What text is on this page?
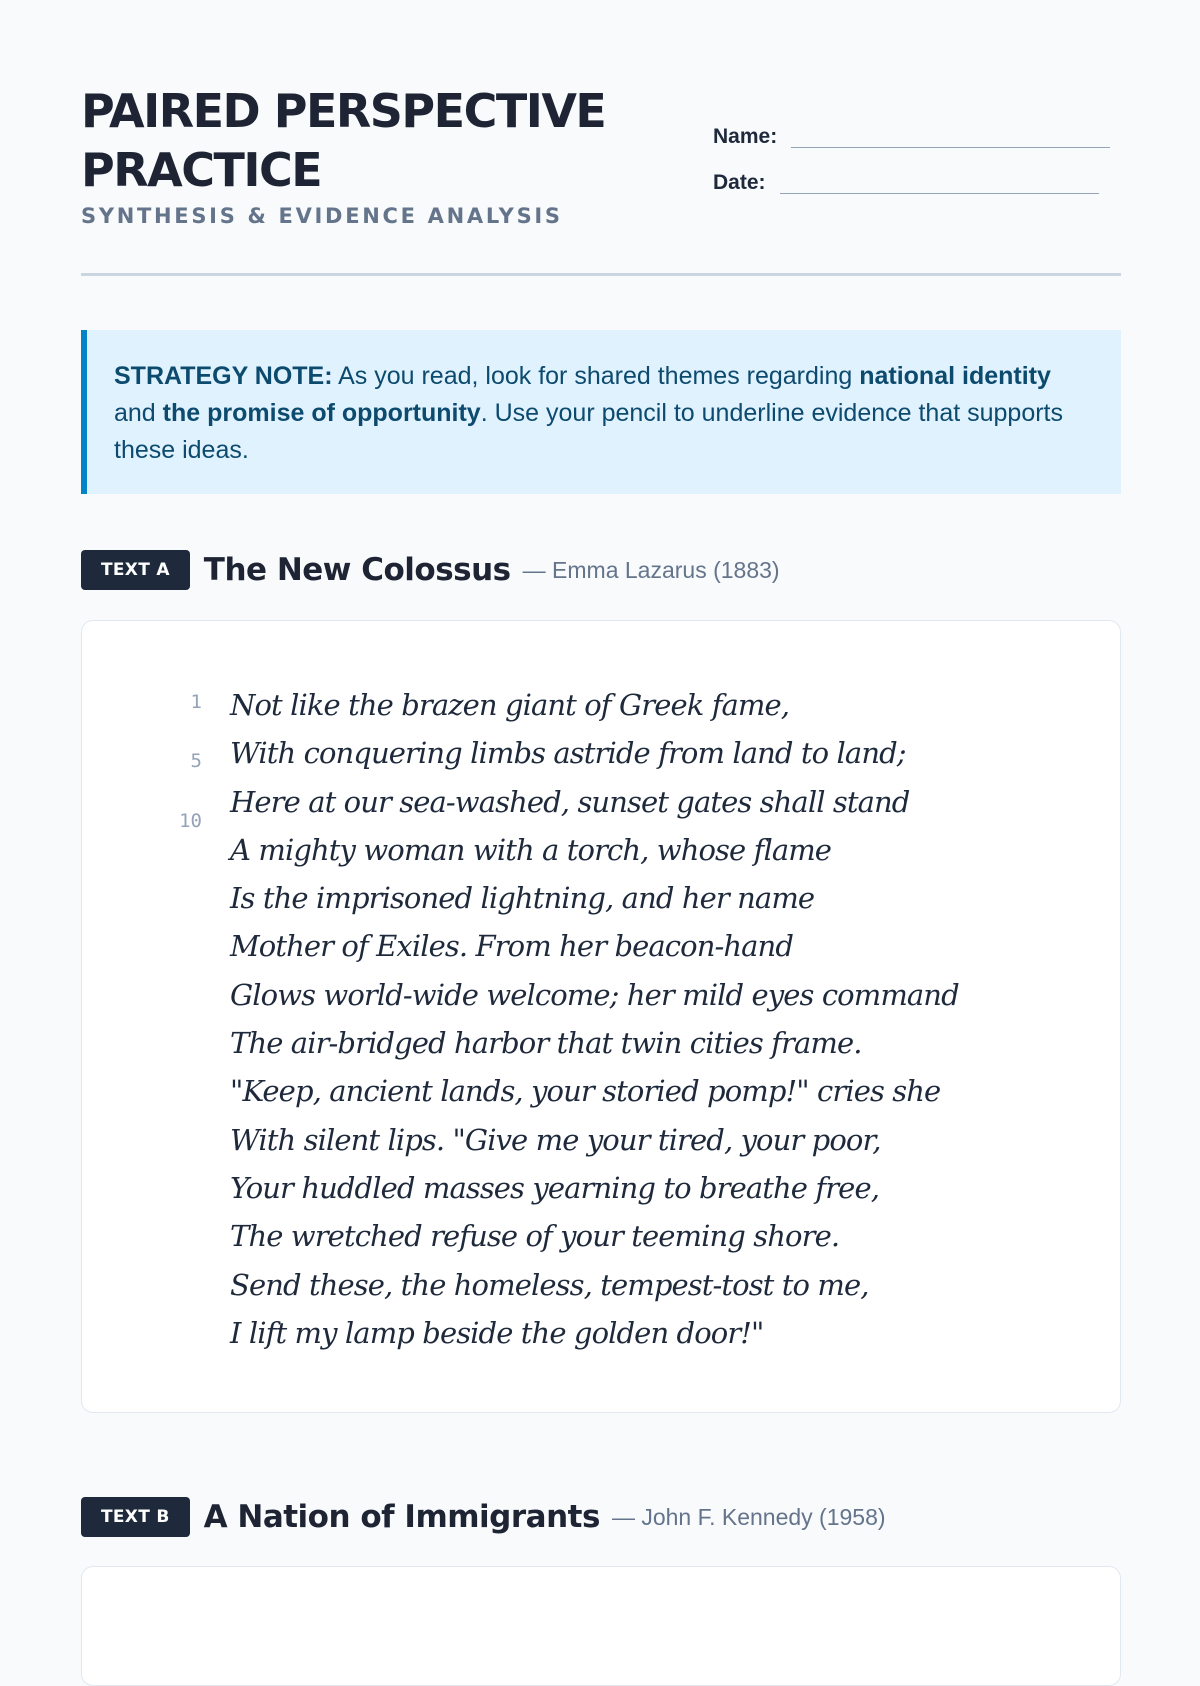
PAIRED PERSPECTIVE
PRACTICE
SYNTHESIS & EVIDENCE ANALYSIS
Name:
Date:
STRATEGY NOTE: As you read, look for shared themes regarding national identity and the promise of opportunity. Use your pencil to underline evidence that supports these ideas.
TEXT A	The New Colossus — Emma Lazarus (1883)
1
5
10
Not like the brazen giant of Greek fame,
With conquering limbs astride from land to land;
Here at our sea-washed, sunset gates shall stand
A mighty woman with a torch, whose flame
Is the imprisoned lightning, and her name
Mother of Exiles. From her beacon-hand
Glows world-wide welcome; her mild eyes command
The air-bridged harbor that twin cities frame.
"Keep, ancient lands, your storied pomp!" cries she
With silent lips. "Give me your tired, your poor,
Your huddled masses yearning to breathe free,
The wretched refuse of your teeming shore.
Send these, the homeless, tempest-tost to me,
I lift my lamp beside the golden door!"
TEXT B	A Nation of Immigrants — John F. Kennedy (1958)
